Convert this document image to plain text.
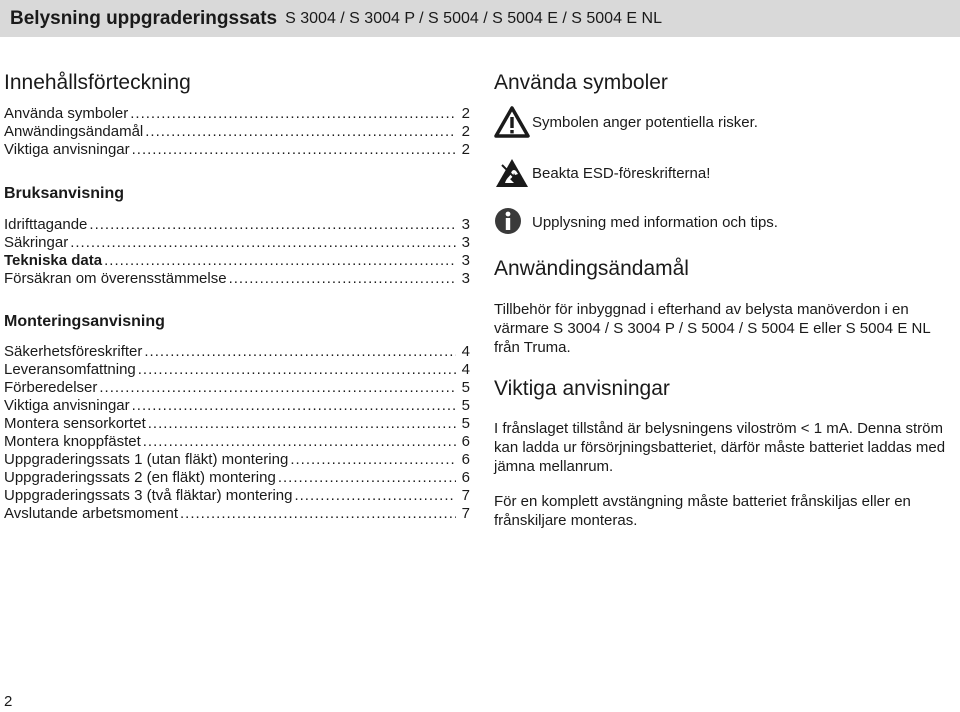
Belysning uppgraderingssats S 3004 / S 3004 P / S 5004 / S 5004 E / S 5004 E NL
Innehållsförteckning
Använda symboler .....	2
Anwändingsändamål .....	2
Viktiga anvisningar .....	2
Bruksanvisning
Idrifttagande .....	3
Säkringar .....	3
Tekniska data .....	3
Försäkran om överensstämmelse .....	3
Monteringsanvisning
Säkerhetsföreskrifter .....	4
Leveransomfattning .....	4
Förberedelser .....	5
Viktiga anvisningar .....	5
Montera sensorkortet .....	5
Montera knoppfästet .....	6
Uppgraderingssats 1 (utan fläkt) montering .....	6
Uppgraderingssats 2 (en fläkt) montering .....	6
Uppgraderingssats 3 (två fläktar) montering .....	7
Avslutande arbetsmoment .....	7
Använda symboler
Symbolen anger potentiella risker.
Beakta ESD-föreskrifterna!
Upplysning med information och tips.
Anwändingsändamål

Tillbehör för inbyggnad i efterhand av belysta manöverdon i en värmare S 3004 / S 3004 P / S 5004 / S 5004 E eller S 5004 E NL från Truma.

Viktiga anvisningar

I frånslaget tillstånd är belysningens viloström < 1 mA. Denna ström kan ladda ur försörjningsbatteriet, därför måste batteriet laddas med jämna mellanrum.

För en komplett avstängning måste batteriet frånskiljas eller en frånskiljare monteras.

2
